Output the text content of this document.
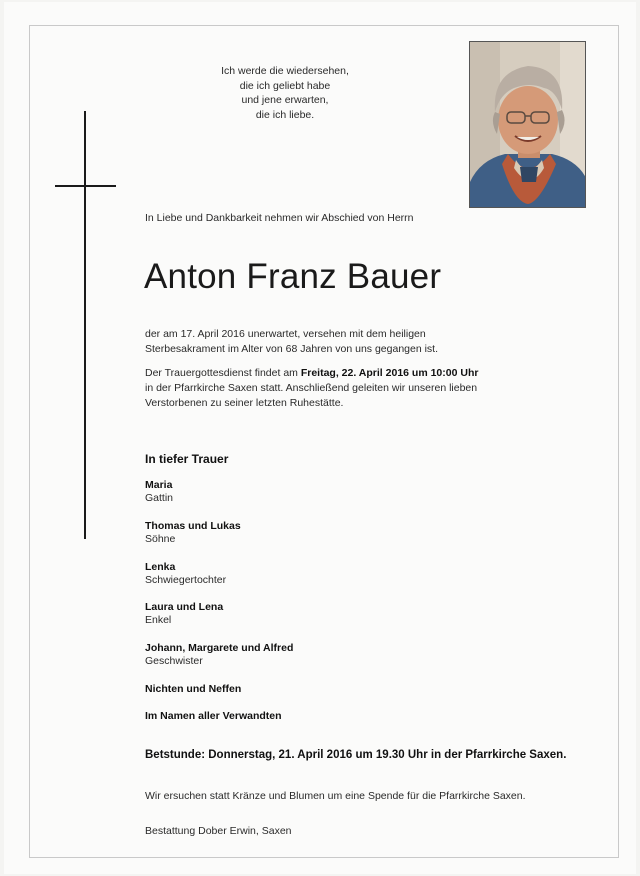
Ich werde die wiedersehen,
die ich geliebt habe
und jene erwarten,
die ich liebe.
In Liebe und Dankbarkeit nehmen wir Abschied von Herrn
Anton Franz Bauer
der am 17. April 2016 unerwartet, versehen mit dem heiligen
Sterbesakrament im Alter von 68 Jahren von uns gegangen ist.
Der Trauergottesdienst findet am Freitag, 22. April 2016 um 10:00 Uhr
in der Pfarrkirche Saxen statt. Anschließend geleiten wir unseren lieben
Verstorbenen zu seiner letzten Ruhestätte.
In tiefer Trauer
Maria
Gattin
Thomas und Lukas
Söhne
Lenka
Schwiegertochter
Laura und Lena
Enkel
Johann, Margarete und Alfred
Geschwister
Nichten und Neffen
Im Namen aller Verwandten
Betstunde: Donnerstag, 21. April 2016 um 19.30 Uhr in der Pfarrkirche Saxen.
Wir ersuchen statt Kränze und Blumen um eine Spende für die Pfarrkirche Saxen.
Bestattung Dober Erwin, Saxen
